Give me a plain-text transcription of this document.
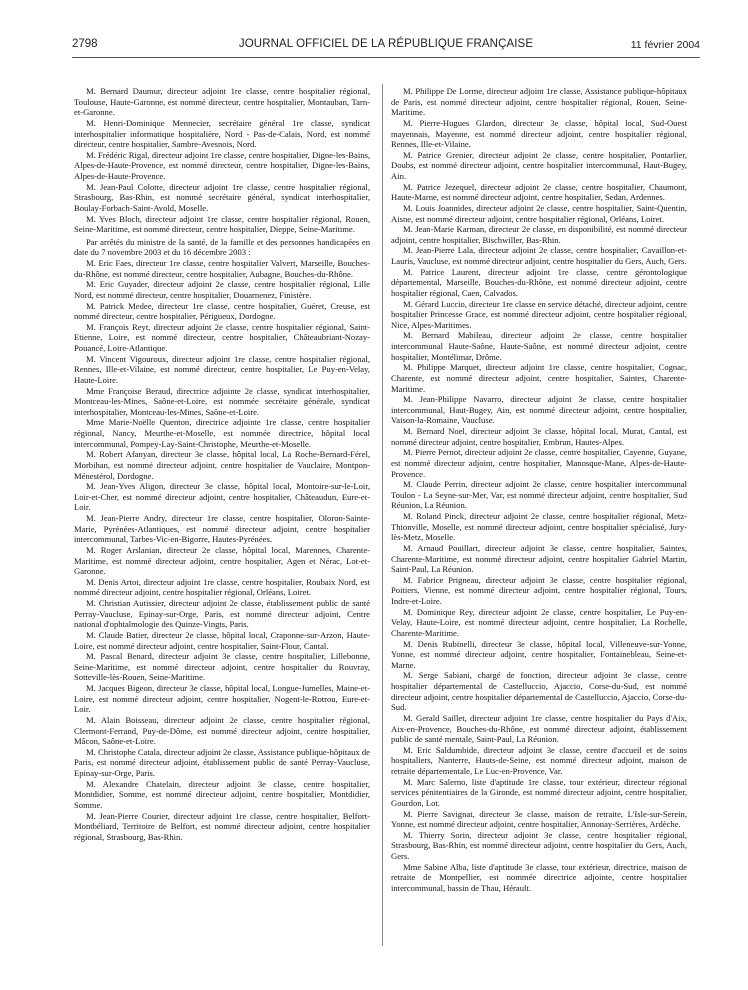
JOURNAL OFFICIEL DE LA RÉPUBLIQUE FRANÇAISE
2798	11 février 2004

M. Bernard Daumur, directeur adjoint 1re classe, centre hospitalier régional, Toulouse, Haute-Garonne, est nommé directeur, centre hospitalier, Montauban, Tarn-et-Garonne.

M. Henri-Dominique Mennecier, secrétaire général 1re classe, syndicat interhospitalier informatique hospitalière, Nord - Pas-de-Calais, Nord, est nommé directeur, centre hospitalier, Sambre-Avesnois, Nord.

M. Frédéric Rigal, directeur adjoint 1re classe, centre hospitalier, Digne-les-Bains, Alpes-de-Haute-Provence, est nommé directeur, centre hospitalier, Digne-les-Bains, Alpes-de-Haute-Provence.

M. Jean-Paul Colotte, directeur adjoint 1re classe, centre hospitalier régional, Strasbourg, Bas-Rhin, est nommé secrétaire général, syndicat interhospitalier, Boulay-Forbach-Saint-Avold, Moselle.

M. Yves Bloch, directeur adjoint 1re classe, centre hospitalier régional, Rouen, Seine-Maritime, est nommé directeur, centre hospitalier, Dieppe, Seine-Maritime.

Par arrêtés du ministre de la santé, de la famille et des personnes handicapées en date du 7 novembre 2003 et du 16 décembre 2003 :

M. Eric Faes, directeur 1re classe, centre hospitalier Valvert, Marseille, Bouches-du-Rhône, est nommé directeur, centre hospitalier, Aubagne, Bouches-du-Rhône.

M. Eric Guyader, directeur adjoint 2e classe, centre hospitalier régional, Lille Nord, est nommé directeur, centre hospitalier, Douarnenez, Finistère.

M. Patrick Medee, directeur 1re classe, centre hospitalier, Guéret, Creuse, est nommé directeur, centre hospitalier, Périgueux, Dordogne.

M. François Reyt, directeur adjoint 2e classe, centre hospitalier régional, Saint-Etienne, Loire, est nommé directeur, centre hospitalier, Châteaubriant-Nozay-Pouancé, Loire-Atlantique.

M. Vincent Vigouroux, directeur adjoint 1re classe, centre hospitalier régional, Rennes, Ille-et-Vilaine, est nommé directeur, centre hospitalier, Le Puy-en-Velay, Haute-Loire.

Mme Françoise Beraud, directrice adjointe 2e classe, syndicat interhospitalier, Montceau-les-Mines, Saône-et-Loire, est nommée secrétaire générale, syndicat interhospitalier, Montceau-les-Mines, Saône-et-Loire.

Mme Marie-Noëlle Quenton, directrice adjointe 1re classe, centre hospitalier régional, Nancy, Meurthe-et-Moselle, est nommée directrice, hôpital local intercommunal, Pompey-Lay-Saint-Christophe, Meurthe-et-Moselle.

M. Robert Afanyan, directeur 3e classe, hôpital local, La Roche-Bernard-Férel, Morbihan, est nommé directeur adjoint, centre hospitalier de Vauclaire, Montpon-Ménestérol, Dordogne.

M. Jean-Yves Aligon, directeur 3e classe, hôpital local, Montoire-sur-le-Loir, Loir-et-Cher, est nommé directeur adjoint, centre hospitalier, Châteaudun, Eure-et-Loir.

M. Jean-Pierre Andry, directeur 1re classe, centre hospitalier, Oloron-Sainte-Marie, Pyrénées-Atlantiques, est nommé directeur adjoint, centre hospitalier intercommunal, Tarbes-Vic-en-Bigorre, Hautes-Pyrénées.

M. Roger Arslanian, directeur 2e classe, hôpital local, Marennes, Charente-Maritime, est nommé directeur adjoint, centre hospitalier, Agen et Nérac, Lot-et-Garonne.

M. Denis Artot, directeur adjoint 1re classe, centre hospitalier, Roubaix Nord, est nommé directeur adjoint, centre hospitalier régional, Orléans, Loiret.

M. Christian Autissier, directeur adjoint 2e classe, établissement public de santé Perray-Vaucluse, Epinay-sur-Orge, Paris, est nommé directeur adjoint, Centre national d'ophtalmologie des Quinze-Vingts, Paris.

M. Claude Batier, directeur 2e classe, hôpital local, Craponne-sur-Arzon, Haute-Loire, est nommé directeur adjoint, centre hospitalier, Saint-Flour, Cantal.

M. Pascal Benard, directeur adjoint 3e classe, centre hospitalier, Lillebonne, Seine-Maritime, est nommé directeur adjoint, centre hospitalier du Rouvray, Sotteville-lès-Rouen, Seine-Maritime.

M. Jacques Bigeon, directeur 3e classe, hôpital local, Longue-Jumelles, Maine-et-Loire, est nommé directeur adjoint, centre hospitalier, Nogent-le-Rotrou, Eure-et-Loir.

M. Alain Boisseau, directeur adjoint 2e classe, centre hospitalier régional, Clermont-Ferrand, Puy-de-Dôme, est nommé directeur adjoint, centre hospitalier, Mâcon, Saône-et-Loire.

M. Christophe Catala, directeur adjoint 2e classe, Assistance publique-hôpitaux de Paris, est nommé directeur adjoint, établissement public de santé Perray-Vaucluse, Epinay-sur-Orge, Paris.

M. Alexandre Chatelain, directeur adjoint 3e classe, centre hospitalier, Montdidier, Somme, est nommé directeur adjoint, centre hospitalier, Montdidier, Somme.

M. Jean-Pierre Courier, directeur adjoint 1re classe, centre hospitalier, Belfort-Montbéliard, Territoire de Belfort, est nommé directeur adjoint, centre hospitalier régional, Strasbourg, Bas-Rhin.

M. Philippe De Lorme, directeur adjoint 1re classe, Assistance publique-hôpitaux de Paris, est nommé directeur adjoint, centre hospitalier régional, Rouen, Seine-Maritime.

M. Pierre-Hugues Glardon, directeur 3e classe, hôpital local, Sud-Ouest mayennais, Mayenne, est nommé directeur adjoint, centre hospitalier régional, Rennes, Ille-et-Vilaine.

M. Patrice Grenier, directeur adjoint 2e classe, centre hospitalier, Pontarlier, Doubs, est nommé directeur adjoint, centre hospitalier intercommunal, Haut-Bugey, Ain.

M. Patrice Jezequel, directeur adjoint 2e classe, centre hospitalier, Chaumont, Haute-Marne, est nommé directeur adjoint, centre hospitalier, Sedan, Ardennes.

M. Louis Joannides, directeur adjoint 2e classe, centre hospitalier, Saint-Quentin, Aisne, est nommé directeur adjoint, centre hospitalier régional, Orléans, Loiret.

M. Jean-Marie Karman, directeur 2e classe, en disponibilité, est nommé directeur adjoint, centre hospitalier, Bischwiller, Bas-Rhin.

M. Jean-Pierre Lala, directeur adjoint 2e classe, centre hospitalier, Cavaillon-et-Lauris, Vaucluse, est nommé directeur adjoint, centre hospitalier du Gers, Auch, Gers.

M. Patrice Laurent, directeur adjoint 1re classe, centre gérontologique départemental, Marseille, Bouches-du-Rhône, est nommé directeur adjoint, centre hospitalier régional, Caen, Calvados.

M. Gérard Luccio, directeur 1re classe en service détaché, directeur adjoint, centre hospitalier Princesse Grace, est nommé directeur adjoint, centre hospitalier régional, Nice, Alpes-Maritimes.

M. Bernard Mabileau, directeur adjoint 2e classe, centre hospitalier intercommunal Haute-Saône, Haute-Saône, est nommé directeur adjoint, centre hospitalier, Montélimar, Drôme.

M. Philippe Marquet, directeur adjoint 1re classe, centre hospitalier, Cognac, Charente, est nommé directeur adjoint, centre hospitalier, Saintes, Charente-Maritime.

M. Jean-Philippe Navarro, directeur adjoint 3e classe, centre hospitalier intercommunal, Haut-Bugey, Ain, est nommé directeur adjoint, centre hospitalier, Vaison-la-Romaine, Vaucluse.

M. Bernard Noel, directeur adjoint 3e classe, hôpital local, Murat, Cantal, est nommé directeur adjoint, centre hospitalier, Embrun, Hautes-Alpes.

M. Pierre Pernot, directeur adjoint 2e classe, centre hospitalier, Cayenne, Guyane, est nommé directeur adjoint, centre hospitalier, Manosque-Mane, Alpes-de-Haute-Provence.

M. Claude Perrin, directeur adjoint 2e classe, centre hospitalier intercommunal Toulon - La Seyne-sur-Mer, Var, est nommé directeur adjoint, centre hospitalier, Sud Réunion, La Réunion.

M. Roland Pinck, directeur adjoint 2e classe, centre hospitalier régional, Metz-Thionville, Moselle, est nommé directeur adjoint, centre hospitalier spécialisé, Jury-lès-Metz, Moselle.

M. Arnaud Pouillart, directeur adjoint 3e classe, centre hospitalier, Saintes, Charente-Maritime, est nommé directeur adjoint, centre hospitalier Gabriel Martin, Saint-Paul, La Réunion.

M. Fabrice Prigneau, directeur adjoint 3e classe, centre hospitalier régional, Poitiers, Vienne, est nommé directeur adjoint, centre hospitalier régional, Tours, Indre-et-Loire.

M. Dominique Rey, directeur adjoint 2e classe, centre hospitalier, Le Puy-en-Velay, Haute-Loire, est nommé directeur adjoint, centre hospitalier, La Rochelle, Charente-Maritime.

M. Denis Rubinelli, directeur 3e classe, hôpital local, Villeneuve-sur-Yonne, Yonne, est nommé directeur adjoint, centre hospitalier, Fontainebleau, Seine-et-Marne.

M. Serge Sabiani, chargé de fonction, directeur adjoint 3e classe, centre hospitalier départemental de Castelluccio, Ajaccio, Corse-du-Sud, est nommé directeur adjoint, centre hospitalier départemental de Castelluccio, Ajaccio, Corse-du-Sud.

M. Gerald Saillet, directeur adjoint 1re classe, centre hospitalier du Pays d'Aix, Aix-en-Provence, Bouches-du-Rhône, est nommé directeur adjoint, établissement public de santé mentale, Saint-Paul, La Réunion.

M. Eric Saldumbide, directeur adjoint 3e classe, centre d'accueil et de soins hospitaliers, Nanterre, Hauts-de-Seine, est nommé directeur adjoint, maison de retraite départementale, Le Luc-en-Provence, Var.

M. Marc Salerno, liste d'aptitude 1re classe, tour extérieur, directeur régional services pénitentiaires de la Gironde, est nommé directeur adjoint, centre hospitalier, Gourdon, Lot.

M. Pierre Savignat, directeur 3e classe, maison de retraite, L'Isle-sur-Serein, Yonne, est nommé directeur adjoint, centre hospitalier, Annonay-Serrières, Ardèche.

M. Thierry Sorin, directeur adjoint 3e classe, centre hospitalier régional, Strasbourg, Bas-Rhin, est nommé directeur adjoint, centre hospitalier du Gers, Auch, Gers.

Mme Sabine Alba, liste d'aptitude 3e classe, tour extérieur, directrice, maison de retraite de Montpellier, est nommée directrice adjointe, centre hospitalier intercommunal, bassin de Thau, Hérault.
